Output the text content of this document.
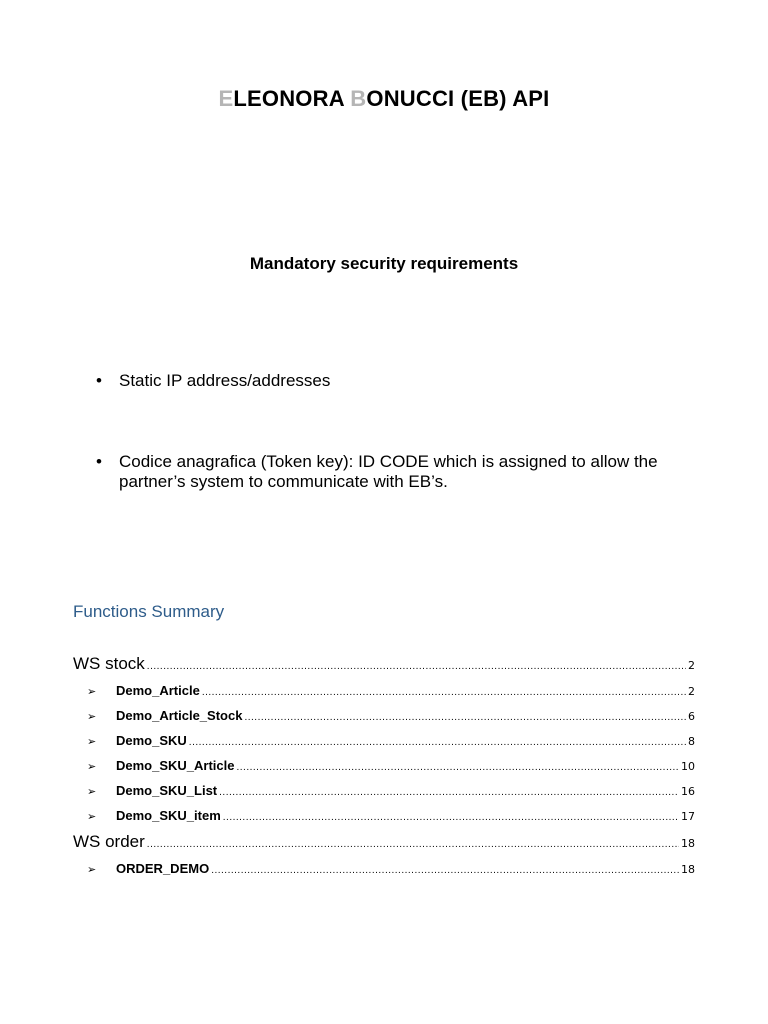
ELEONORA BONUCCI (EB) API
Mandatory security requirements
•	Static IP address/addresses
•	Codice anagrafica (Token key): ID CODE which is assigned to allow the partner’s system to communicate with EB’s.
Functions Summary
WS stock .....	2
➢	Demo_Article .....	2
➢	Demo_Article_Stock .....	6
➢	Demo_SKU .....	8
➢	Demo_SKU_Article .....	10
➢	Demo_SKU_List .....	16
➢	Demo_SKU_item .....	17
WS order .....	18
➢	ORDER_DEMO .....	18
